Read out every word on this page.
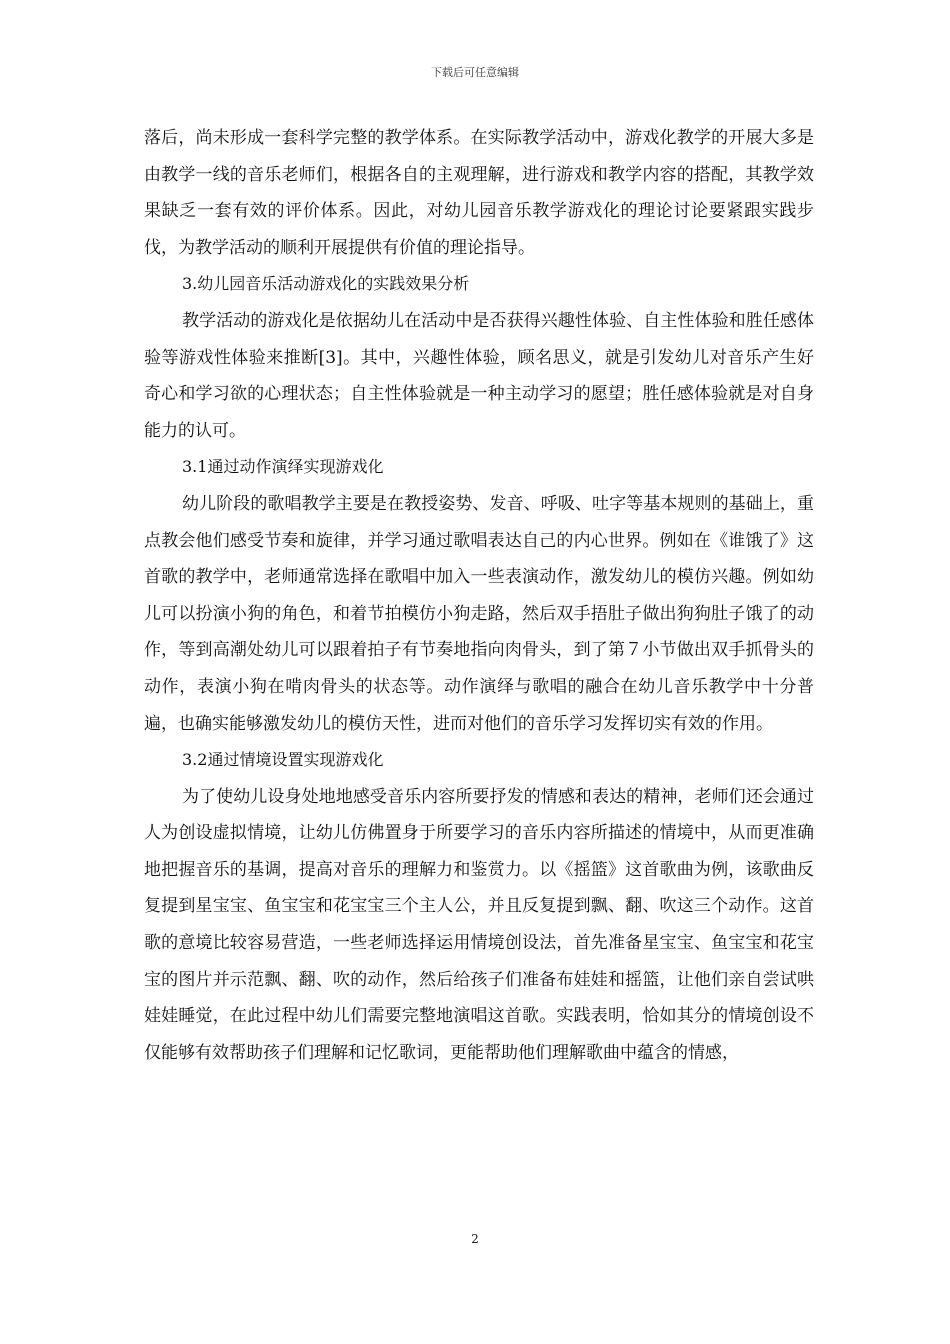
下载后可任意编辑

落后，尚未形成一套科学完整的教学体系。在实际教学活动中，游戏化教学的开展大多是由教学一线的音乐老师们，根据各自的主观理解，进行游戏和教学内容的搭配，其教学效果缺乏一套有效的评价体系。因此，对幼儿园音乐教学游戏化的理论讨论要紧跟实践步伐，为教学活动的顺利开展提供有价值的理论指导。

3.幼儿园音乐活动游戏化的实践效果分析

教学活动的游戏化是依据幼儿在活动中是否获得兴趣性体验、自主性体验和胜任感体验等游戏性体验来推断[3]。其中，兴趣性体验，顾名思义，就是引发幼儿对音乐产生好奇心和学习欲的心理状态；自主性体验就是一种主动学习的愿望；胜任感体验就是对自身能力的认可。

3.1通过动作演绎实现游戏化

幼儿阶段的歌唱教学主要是在教授姿势、发音、呼吸、吐字等基本规则的基础上，重点教会他们感受节奏和旋律，并学习通过歌唱表达自己的内心世界。例如在《谁饿了》这首歌的教学中，老师通常选择在歌唱中加入一些表演动作，激发幼儿的模仿兴趣。例如幼儿可以扮演小狗的角色，和着节拍模仿小狗走路，然后双手捂肚子做出狗狗肚子饿了的动作，等到高潮处幼儿可以跟着拍子有节奏地指向肉骨头，到了第７小节做出双手抓骨头的动作，表演小狗在啃肉骨头的状态等。动作演绎与歌唱的融合在幼儿音乐教学中十分普遍，也确实能够激发幼儿的模仿天性，进而对他们的音乐学习发挥切实有效的作用。

3.2通过情境设置实现游戏化

为了使幼儿设身处地地感受音乐内容所要抒发的情感和表达的精神，老师们还会通过人为创设虚拟情境，让幼儿仿佛置身于所要学习的音乐内容所描述的情境中，从而更准确地把握音乐的基调，提高对音乐的理解力和鉴赏力。以《摇篮》这首歌曲为例，该歌曲反复提到星宝宝、鱼宝宝和花宝宝三个主人公，并且反复提到飘、翻、吹这三个动作。这首歌的意境比较容易营造，一些老师选择运用情境创设法，首先准备星宝宝、鱼宝宝和花宝宝的图片并示范飘、翻、吹的动作，然后给孩子们准备布娃娃和摇篮，让他们亲自尝试哄娃娃睡觉，在此过程中幼儿们需要完整地演唱这首歌。实践表明，恰如其分的情境创设不仅能够有效帮助孩子们理解和记忆歌词，更能帮助他们理解歌曲中蕴含的情感，

2
